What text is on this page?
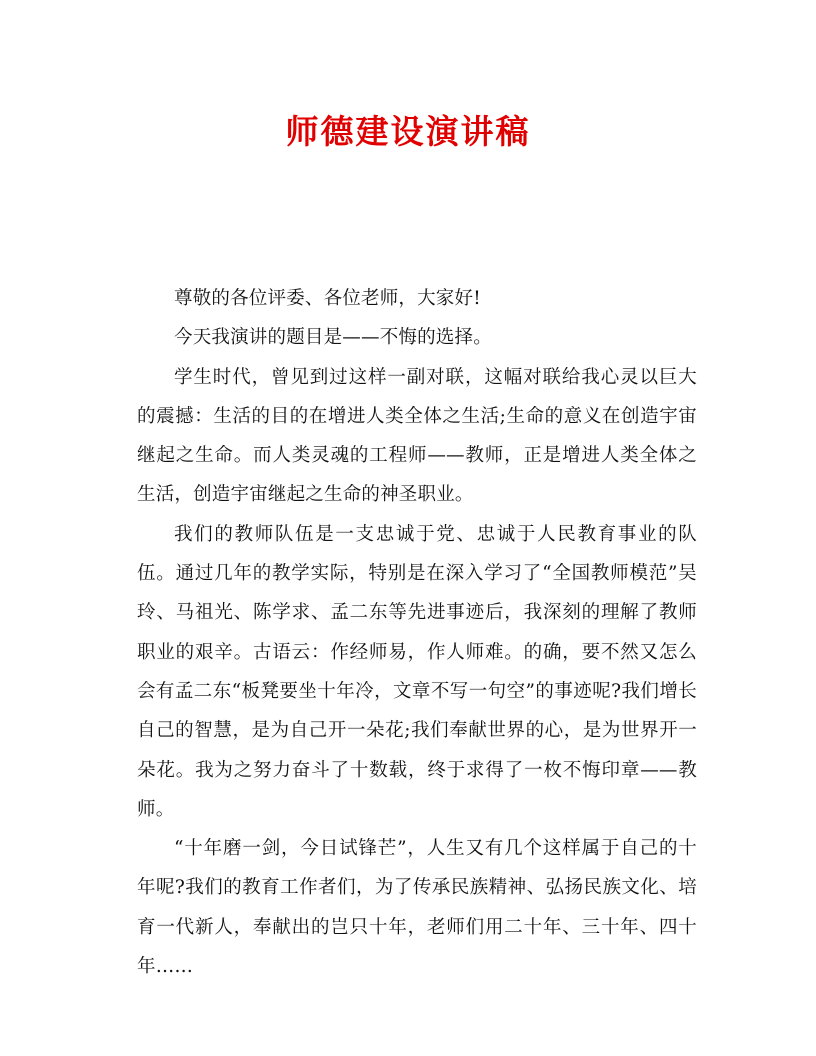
师德建设演讲稿

尊敬的各位评委、各位老师，大家好!

今天我演讲的题目是——不悔的选择。

学生时代，曾见到过这样一副对联，这幅对联给我心灵以巨大的震撼：生活的目的在增进人类全体之生活;生命的意义在创造宇宙继起之生命。而人类灵魂的工程师——教师，正是增进人类全体之生活，创造宇宙继起之生命的神圣职业。

我们的教师队伍是一支忠诚于党、忠诚于人民教育事业的队伍。通过几年的教学实际，特别是在深入学习了“全国教师模范”吴玲、马祖光、陈学求、孟二东等先进事迹后，我深刻的理解了教师职业的艰辛。古语云：作经师易，作人师难。的确，要不然又怎么会有孟二东“板凳要坐十年冷，文章不写一句空”的事迹呢?我们增长自己的智慧，是为自己开一朵花;我们奉献世界的心，是为世界开一朵花。我为之努力奋斗了十数载，终于求得了一枚不悔印章——教师。

“十年磨一剑，今日试锋芒”，人生又有几个这样属于自己的十年呢?我们的教育工作者们，为了传承民族精神、弘扬民族文化、培育一代新人，奉献出的岂只十年，老师们用二十年、三十年、四十年……
